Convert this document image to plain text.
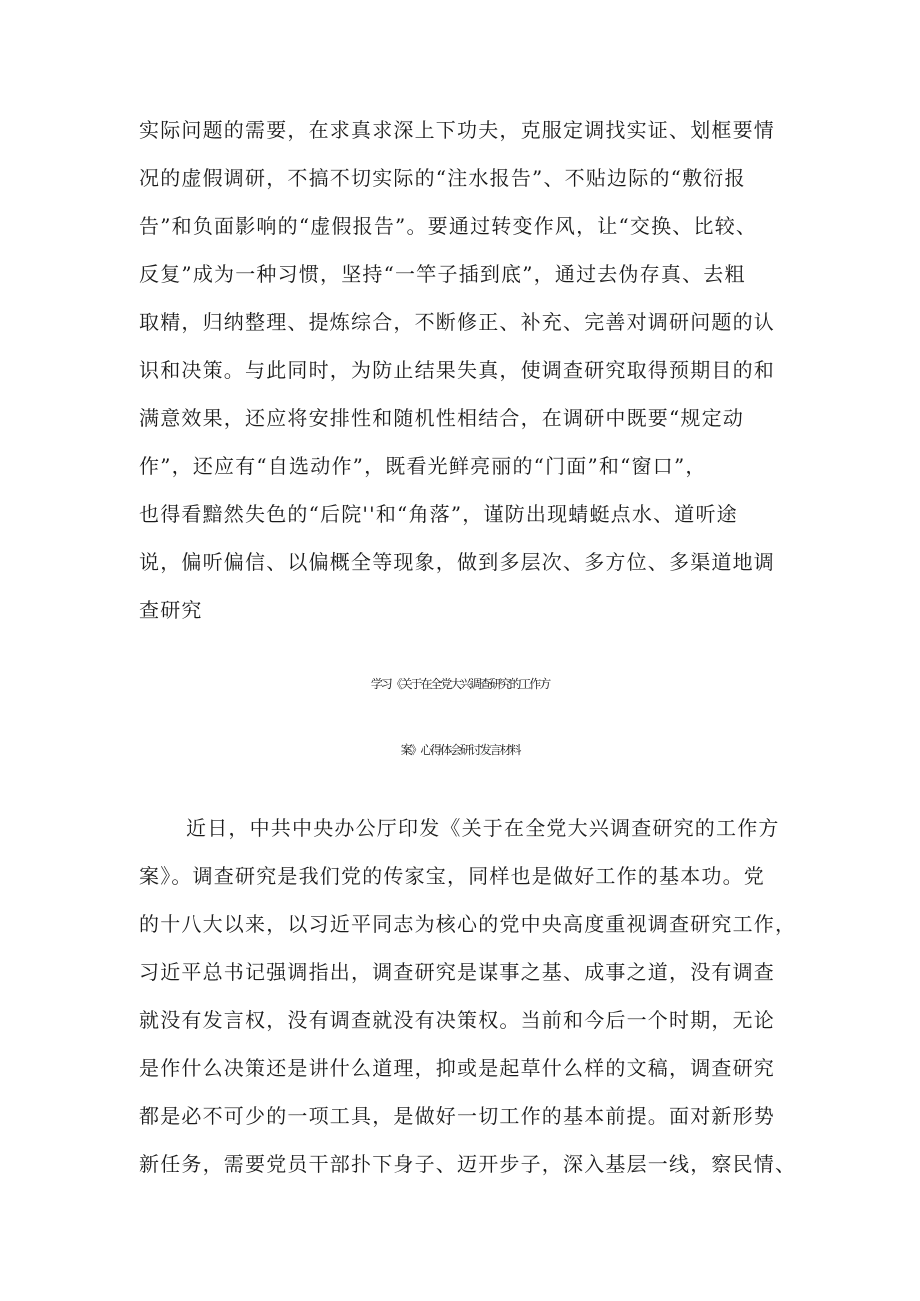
实际问题的需要，在求真求深上下功夫，克服定调找实证、划框要情
况的虚假调研，不搞不切实际的“注水报告”、不贴边际的“敷衍报
告”和负面影响的“虚假报告”。要通过转变作风，让“交换、比较、
反复”成为一种习惯，坚持“一竿子插到底”，通过去伪存真、去粗
取精，归纳整理、提炼综合，不断修正、补充、完善对调研问题的认
识和决策。与此同时，为防止结果失真，使调查研究取得预期目的和
满意效果，还应将安排性和随机性相结合，在调研中既要“规定动
作”，还应有“自选动作”，既看光鲜亮丽的“门面”和“窗口”，
也得看黯然失色的“后院''和“角落”，谨防出现蜻蜓点水、道听途
说，偏听偏信、以偏概全等现象，做到多层次、多方位、多渠道地调
查研究
学习《关于在全党大兴调查研究的工作方
案》心得体会研讨发言材料
近日，中共中央办公厅印发《关于在全党大兴调查研究的工作方
案》。调查研究是我们党的传家宝，同样也是做好工作的基本功。党
的十八大以来，以习近平同志为核心的党中央高度重视调查研究工作，
习近平总书记强调指出，调查研究是谋事之基、成事之道，没有调查
就没有发言权，没有调查就没有决策权。当前和今后一个时期，无论
是作什么决策还是讲什么道理，抑或是起草什么样的文稿，调查研究
都是必不可少的一项工具，是做好一切工作的基本前提。面对新形势
新任务，需要党员干部扑下身子、迈开步子，深入基层一线，察民情、
